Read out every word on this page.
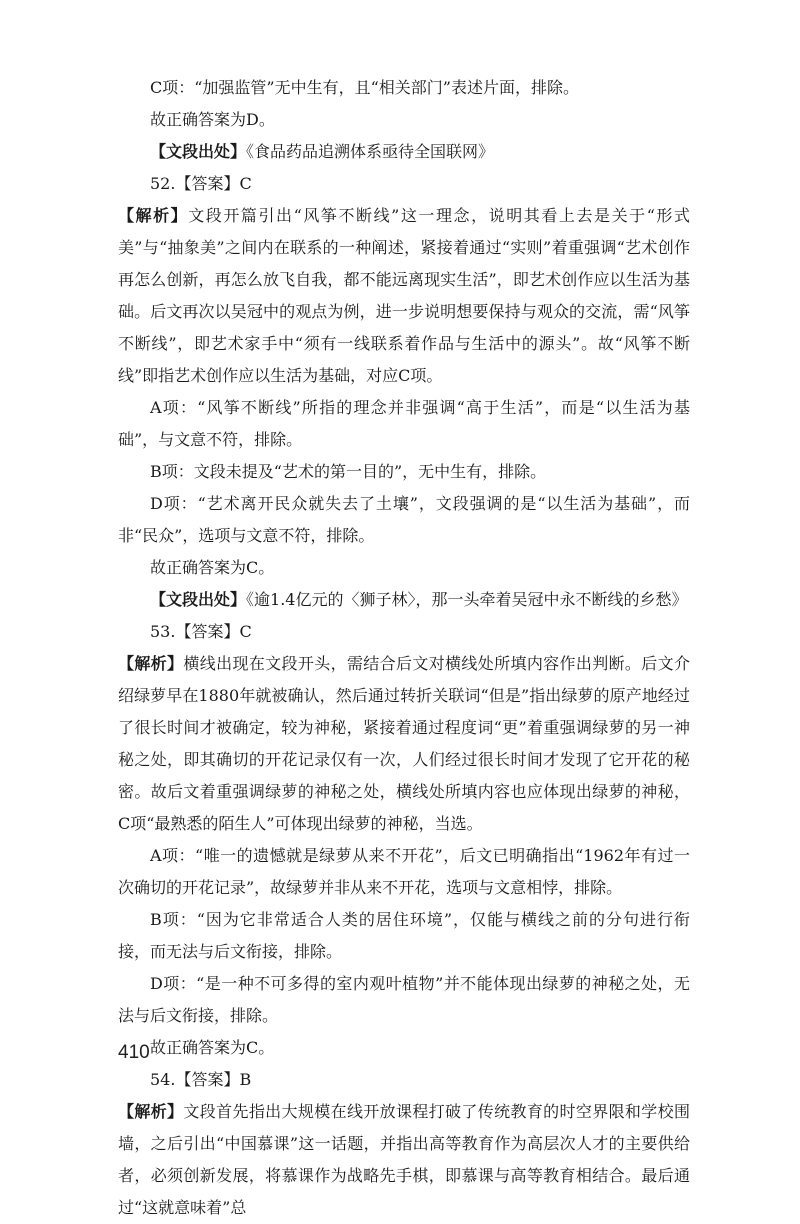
C项：“加强监管”无中生有，且“相关部门”表述片面，排除。

故正确答案为D。

【文段出处】《食品药品追溯体系亟待全国联网》

52.【答案】C

【解析】文段开篇引出“风筝不断线”这一理念，说明其看上去是关于“形式美”与“抽象美”之间内在联系的一种阐述，紧接着通过“实则”着重强调“艺术创作再怎么创新，再怎么放飞自我，都不能远离现实生活”，即艺术创作应以生活为基础。后文再次以吴冠中的观点为例，进一步说明想要保持与观众的交流，需“风筝不断线”，即艺术家手中“须有一线联系着作品与生活中的源头”。故“风筝不断线”即指艺术创作应以生活为基础，对应C项。

A项：“风筝不断线”所指的理念并非强调“高于生活”，而是“以生活为基础”，与文意不符，排除。

B项：文段未提及“艺术的第一目的”，无中生有，排除。

D项：“艺术离开民众就失去了土壤”，文段强调的是“以生活为基础”，而非“民众”，选项与文意不符，排除。

故正确答案为C。

【文段出处】《逾1.4亿元的〈狮子林〉，那一头牵着吴冠中永不断线的乡愁》

53.【答案】C

【解析】横线出现在文段开头，需结合后文对横线处所填内容作出判断。后文介绍绿萝早在1880年就被确认，然后通过转折关联词“但是”指出绿萝的原产地经过了很长时间才被确定，较为神秘，紧接着通过程度词“更”着重强调绿萝的另一神秘之处，即其确切的开花记录仅有一次，人们经过很长时间才发现了它开花的秘密。故后文着重强调绿萝的神秘之处，横线处所填内容也应体现出绿萝的神秘，C项“最熟悉的陌生人”可体现出绿萝的神秘，当选。

A项：“唯一的遗憾就是绿萝从来不开花”，后文已明确指出“1962年有过一次确切的开花记录”，故绿萝并非从来不开花，选项与文意相悖，排除。

B项：“因为它非常适合人类的居住环境”，仅能与横线之前的分句进行衔接，而无法与后文衔接，排除。

D项：“是一种不可多得的室内观叶植物”并不能体现出绿萝的神秘之处，无法与后文衔接，排除。

故正确答案为C。

54.【答案】B

【解析】文段首先指出大规模在线开放课程打破了传统教育的时空界限和学校围墙，之后引出“中国慕课”这一话题，并指出高等教育作为高层次人才的主要供给者，必须创新发展，将慕课作为战略先手棋，即慕课与高等教育相结合。最后通过“这就意味着”总

410
